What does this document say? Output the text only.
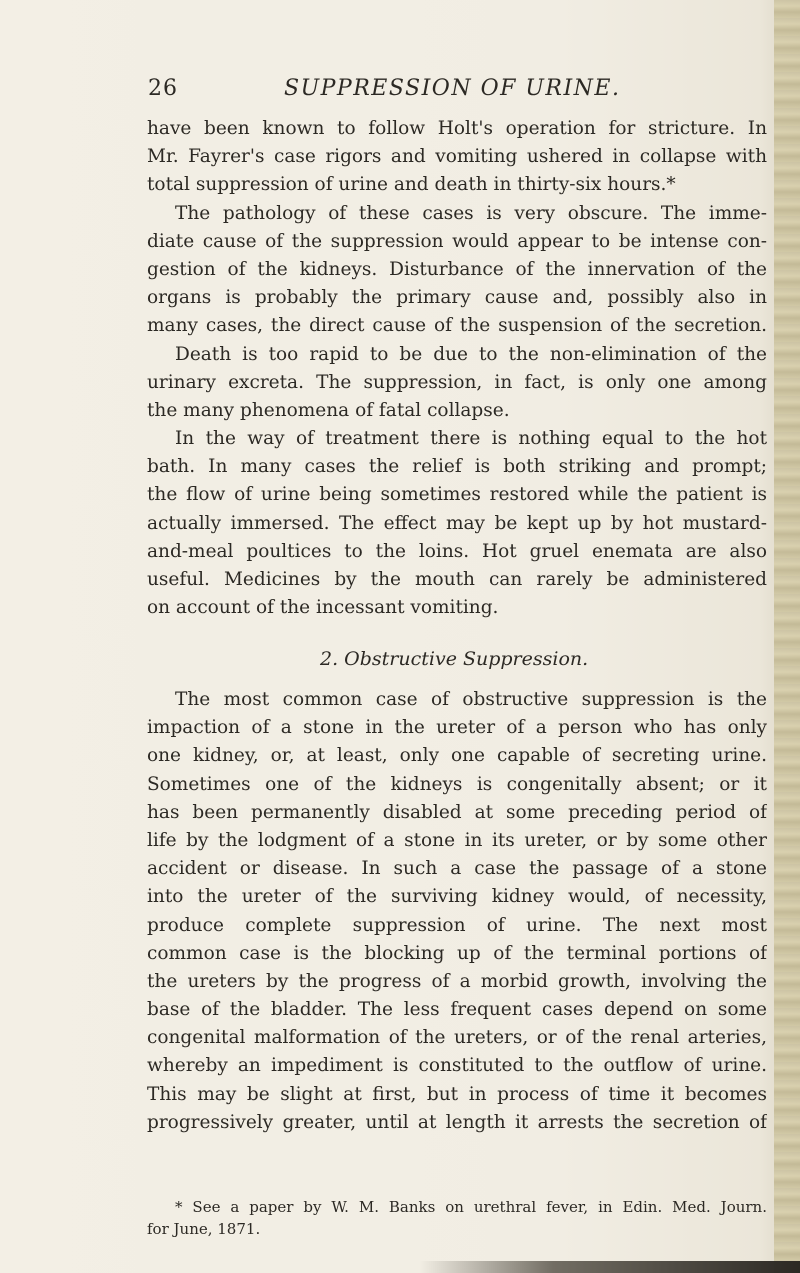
26	SUPPRESSION OF URINE.
have been known to follow Holt's operation for stricture. In
Mr. Fayrer's case rigors and vomiting ushered in collapse with
total suppression of urine and death in thirty-six hours.*
The pathology of these cases is very obscure. The imme-
diate cause of the suppression would appear to be intense con-
gestion of the kidneys. Disturbance of the innervation of the
organs is probably the primary cause and, possibly also in
many cases, the direct cause of the suspension of the secretion.
Death is too rapid to be due to the non-elimination of the
urinary excreta. The suppression, in fact, is only one among
the many phenomena of fatal collapse.
In the way of treatment there is nothing equal to the hot
bath. In many cases the relief is both striking and prompt;
the flow of urine being sometimes restored while the patient is
actually immersed. The effect may be kept up by hot mustard-
and-meal poultices to the loins. Hot gruel enemata are also
useful. Medicines by the mouth can rarely be administered
on account of the incessant vomiting.
2. Obstructive Suppression.
The most common case of obstructive suppression is the
impaction of a stone in the ureter of a person who has only
one kidney, or, at least, only one capable of secreting urine.
Sometimes one of the kidneys is congenitally absent; or it
has been permanently disabled at some preceding period of
life by the lodgment of a stone in its ureter, or by some other
accident or disease. In such a case the passage of a stone
into the ureter of the surviving kidney would, of necessity,
produce complete suppression of urine. The next most
common case is the blocking up of the terminal portions of
the ureters by the progress of a morbid growth, involving the
base of the bladder. The less frequent cases depend on some
congenital malformation of the ureters, or of the renal arteries,
whereby an impediment is constituted to the outflow of urine.
This may be slight at first, but in process of time it becomes
progressively greater, until at length it arrests the secretion of
* See a paper by W. M. Banks on urethral fever, in Edin. Med. Journ.
for June, 1871.
